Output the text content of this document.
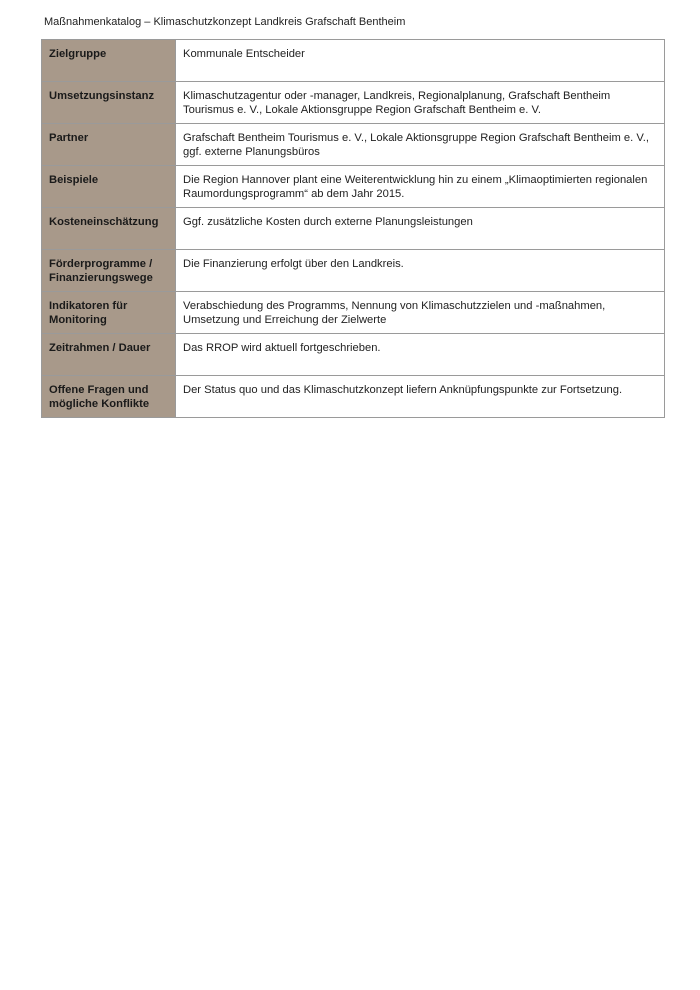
Maßnahmenkatalog – Klimaschutzkonzept Landkreis Grafschaft Bentheim
Zielgruppe	Kommunale Entscheider
Umsetzungsinstanz	Klimaschutzagentur oder -manager, Landkreis, Regionalplanung, Grafschaft Bentheim Tourismus e. V., Lokale Aktionsgruppe Region Grafschaft Bentheim e. V.
Partner	Grafschaft Bentheim Tourismus e. V., Lokale Aktionsgruppe Region Grafschaft Bentheim e. V., ggf. externe Planungsbüros
Beispiele	Die Region Hannover plant eine Weiterentwicklung hin zu einem „Klimaoptimierten regionalen Raumordungsprogramm“ ab dem Jahr 2015.
Kosteneinschätzung	Ggf. zusätzliche Kosten durch externe Planungsleistungen
Förderprogramme / Finanzierungswege	Die Finanzierung erfolgt über den Landkreis.
Indikatoren für Monitoring	Verabschiedung des Programms, Nennung von Klimaschutzzielen und -maßnahmen, Umsetzung und Erreichung der Zielwerte
Zeitrahmen / Dauer	Das RROP wird aktuell fortgeschrieben.
Offene Fragen und mögliche Konflikte	Der Status quo und das Klimaschutzkonzept liefern Anknüpfungspunkte zur Fortsetzung.
